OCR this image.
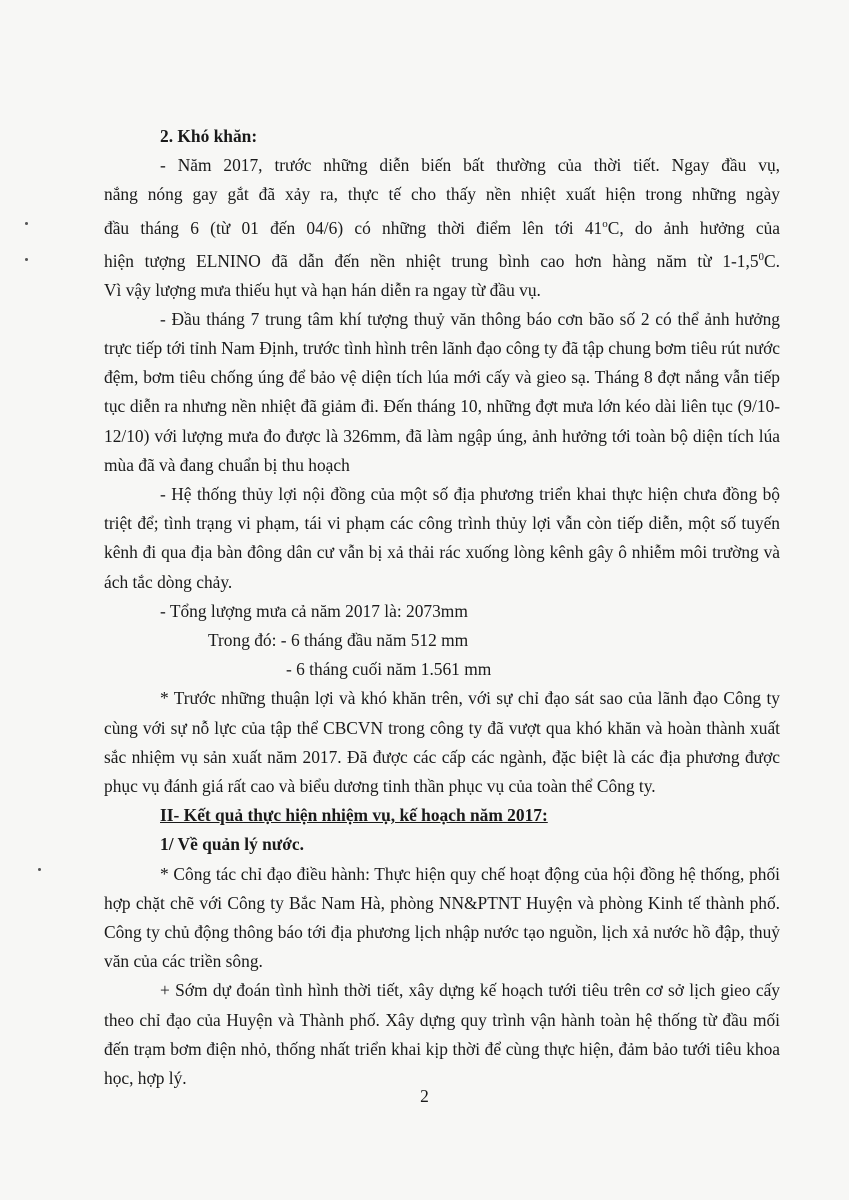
2. Khó khăn:

- Năm 2017, trước những diễn biến bất thường của thời tiết. Ngay đầu vụ,
nắng nóng gay gắt đã xảy ra, thực tế cho thấy nền nhiệt xuất hiện trong những ngày
đầu tháng 6 (từ 01 đến 04/6) có những thời điểm lên tới 41$^o$C, do ảnh hưởng của
hiện tượng ELNINO đã dẫn đến nền nhiệt trung bình cao hơn hàng năm từ $1-1,5^0C$.
Vì vậy lượng mưa thiếu hụt và hạn hán diễn ra ngay từ đầu vụ.

- Đầu tháng 7 trung tâm khí tượng thuỷ văn thông báo cơn bão số 2 có thể ảnh hưởng trực tiếp tới tỉnh Nam Định, trước tình hình trên lãnh đạo công ty đã tập chung bơm tiêu rút nước đệm, bơm tiêu chống úng để bảo vệ diện tích lúa mới cấy và gieo sạ. Tháng 8 đợt nắng vẫn tiếp tục diễn ra nhưng nền nhiệt đã giảm đi. Đến tháng 10, những đợt mưa lớn kéo dài liên tục (9/10-12/10) với lượng mưa đo được là 326mm, đã làm ngập úng, ảnh hưởng tới toàn bộ diện tích lúa mùa đã và đang chuẩn bị thu hoạch

- Hệ thống thủy lợi nội đồng của một số địa phương triển khai thực hiện chưa đồng bộ triệt để; tình trạng vi phạm, tái vi phạm các công trình thủy lợi vẫn còn tiếp diễn, một số tuyến kênh đi qua địa bàn đông dân cư vẫn bị xả thải rác xuống lòng kênh gây ô nhiễm môi trường và ách tắc dòng chảy.

- Tổng lượng mưa cả năm 2017 là: 2073mm

Trong đó: - 6 tháng đầu năm 512 mm

- 6 tháng cuối năm 1.561 mm

* Trước những thuận lợi và khó khăn trên, với sự chỉ đạo sát sao của lãnh đạo Công ty cùng với sự nỗ lực của tập thể CBCVN trong công ty đã vượt qua khó khăn và hoàn thành xuất sắc nhiệm vụ sản xuất năm 2017. Đã được các cấp các ngành, đặc biệt là các địa phương được phục vụ đánh giá rất cao và biểu dương tinh thần phục vụ của toàn thể Công ty.

II- Kết quả thực hiện nhiệm vụ, kế hoạch năm 2017:

1/ Về quản lý nước.

* Công tác chỉ đạo điều hành: Thực hiện quy chế hoạt động của hội đồng hệ thống, phối hợp chặt chẽ với Công ty Bắc Nam Hà, phòng NN&PTNT Huyện và phòng Kinh tế thành phố. Công ty chủ động thông báo tới địa phương lịch nhập nước tạo nguồn, lịch xả nước hồ đập, thuỷ văn của các triền sông.

+ Sớm dự đoán tình hình thời tiết, xây dựng kế hoạch tưới tiêu trên cơ sở lịch gieo cấy theo chỉ đạo của Huyện và Thành phố. Xây dựng quy trình vận hành toàn hệ thống từ đầu mối đến trạm bơm điện nhỏ, thống nhất triển khai kịp thời để cùng thực hiện, đảm bảo tưới tiêu khoa học, hợp lý.

2
